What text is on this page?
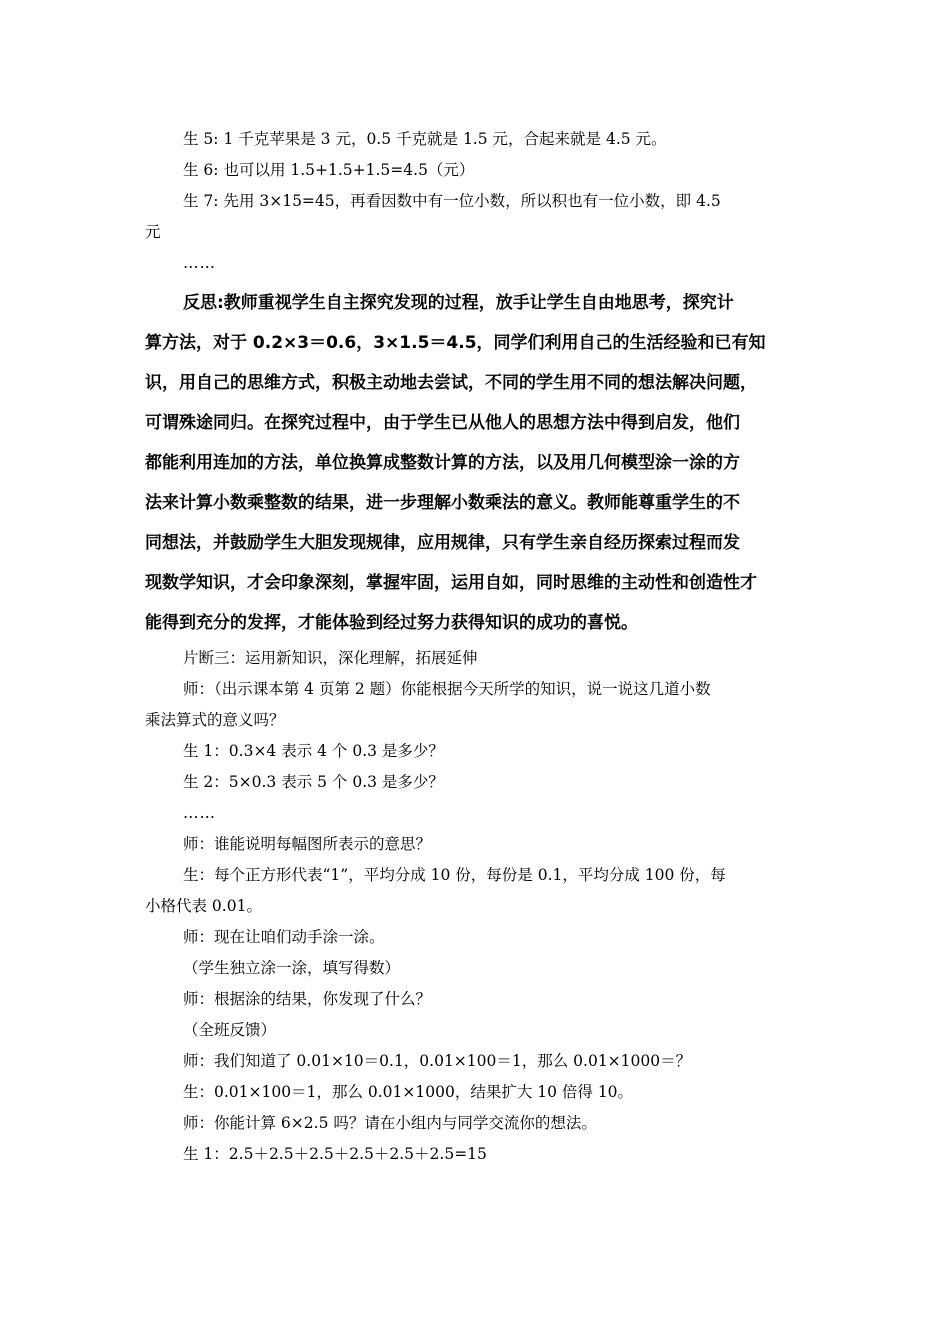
生 5: 1 千克苹果是 3 元，0.5 千克就是 1.5 元，合起来就是 4.5 元。
生 6: 也可以用 1.5+1.5+1.5=4.5（元）
生 7: 先用 3×15=45，再看因数中有一位小数，所以积也有一位小数，即 4.5
元
……
反思:教师重视学生自主探究发现的过程，放手让学生自由地思考，探究计
算方法，对于 0.2×3＝0.6，3×1.5＝4.5，同学们利用自己的生活经验和已有知
识，用自己的思维方式，积极主动地去尝试，不同的学生用不同的想法解决问题，
可谓殊途同归。在探究过程中，由于学生已从他人的思想方法中得到启发，他们
都能利用连加的方法，单位换算成整数计算的方法，以及用几何模型涂一涂的方
法来计算小数乘整数的结果，进一步理解小数乘法的意义。教师能尊重学生的不
同想法，并鼓励学生大胆发现规律，应用规律，只有学生亲自经历探索过程而发
现数学知识，才会印象深刻，掌握牢固，运用自如，同时思维的主动性和创造性才
能得到充分的发挥，才能体验到经过努力获得知识的成功的喜悦。
片断三：运用新知识，深化理解，拓展延伸
师：（出示课本第 4 页第 2 题）你能根据今天所学的知识，说一说这几道小数
乘法算式的意义吗？
生 1：0.3×4 表示 4 个 0.3 是多少？
生 2：5×0.3 表示 5 个 0.3 是多少？
……
师：谁能说明每幅图所表示的意思？
生：每个正方形代表“1”，平均分成 10 份，每份是 0.1，平均分成 100 份，每
小格代表 0.01。
师：现在让咱们动手涂一涂。
（学生独立涂一涂，填写得数）
师：根据涂的结果，你发现了什么？
（全班反馈）
师：我们知道了 0.01×10＝0.1，0.01×100＝1，那么 0.01×1000＝？
生：0.01×100＝1，那么 0.01×1000，结果扩大 10 倍得 10。
师：你能计算 6×2.5 吗？请在小组内与同学交流你的想法。
生 1：2.5＋2.5＋2.5＋2.5＋2.5＋2.5=15
